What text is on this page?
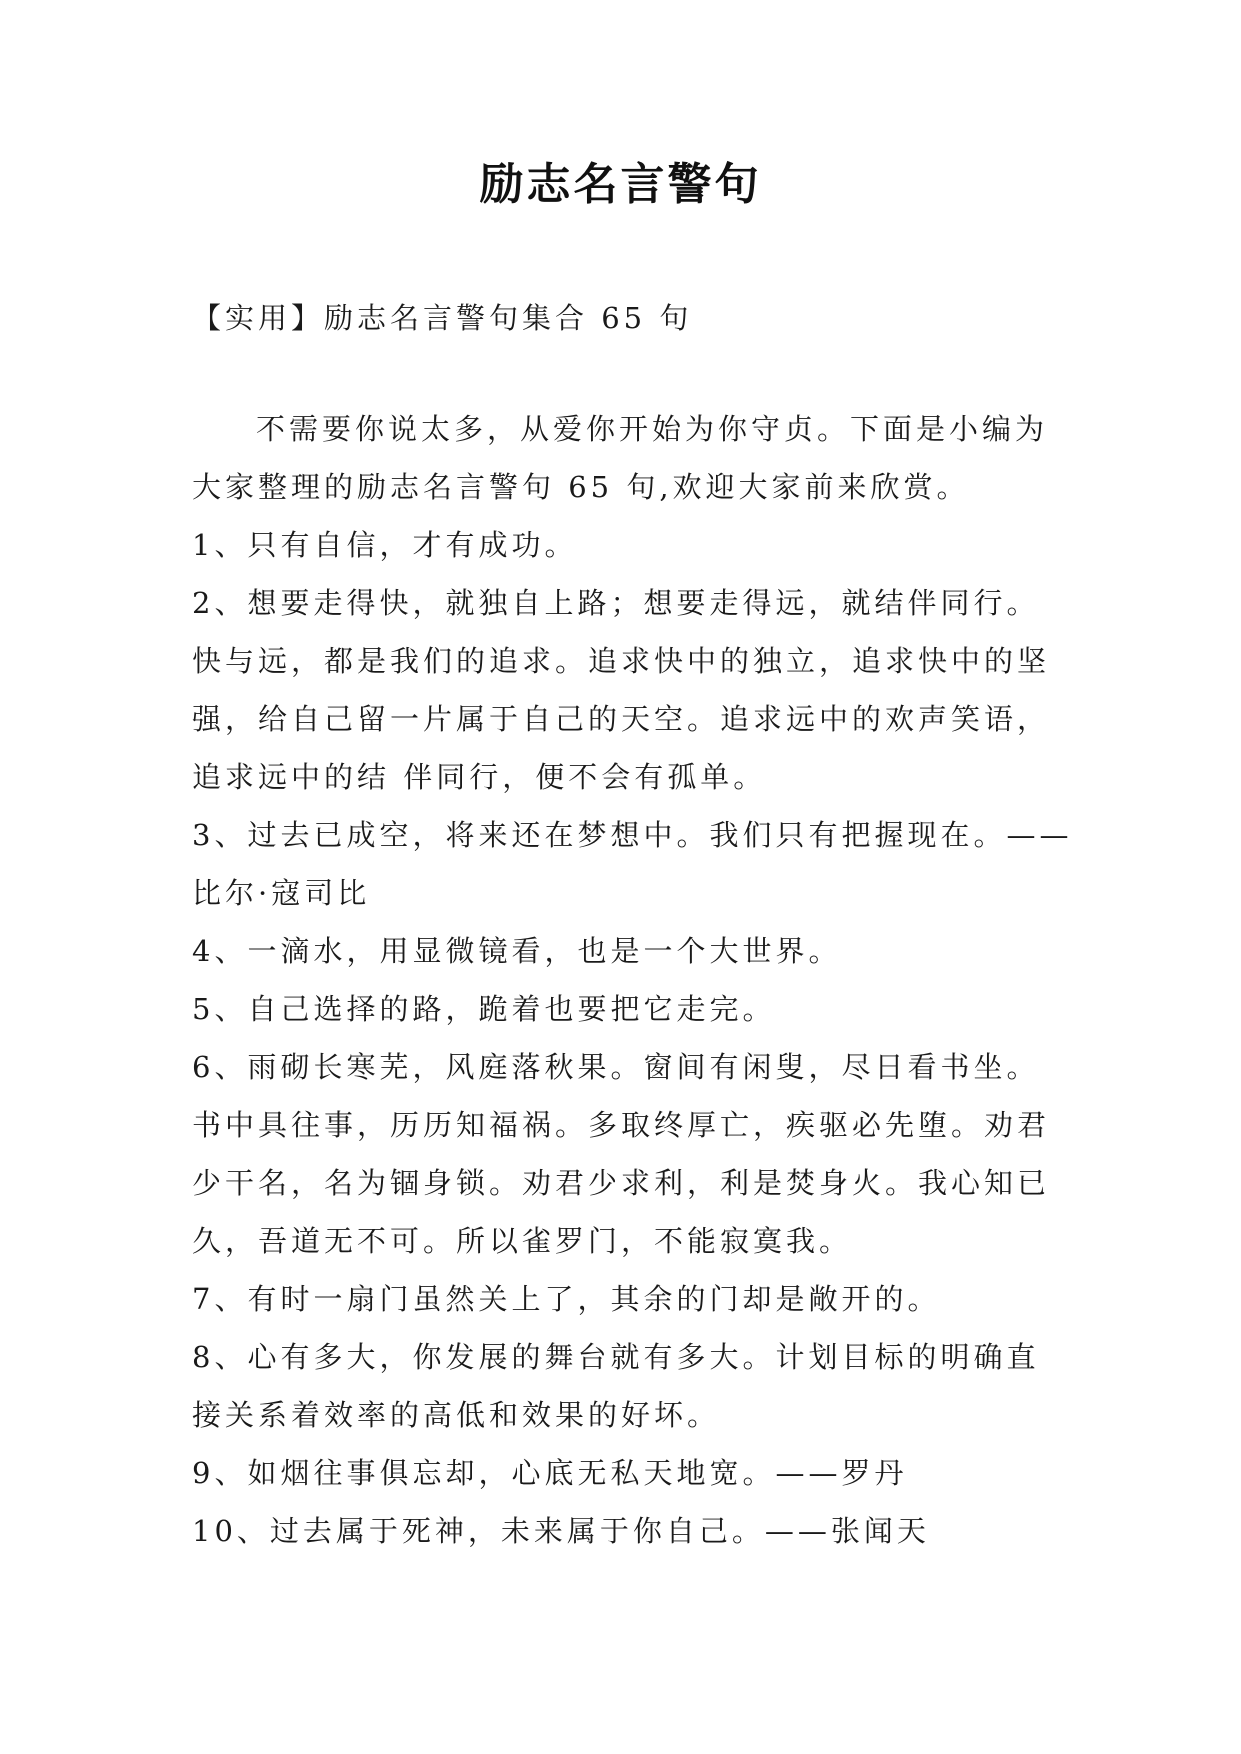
励志名言警句
【实用】励志名言警句集合 65 句
不需要你说太多，从爱你开始为你守贞。下面是小编为
大家整理的励志名言警句 65 句,欢迎大家前来欣赏。
1、只有自信，才有成功。
2、想要走得快，就独自上路；想要走得远，就结伴同行。
快与远，都是我们的追求。追求快中的独立，追求快中的坚
强，给自己留一片属于自己的天空。追求远中的欢声笑语，
追求远中的结 伴同行，便不会有孤单。
3、过去已成空，将来还在梦想中。我们只有把握现在。——
比尔·寇司比
4、一滴水，用显微镜看，也是一个大世界。
5、自己选择的路，跪着也要把它走完。
6、雨砌长寒芜，风庭落秋果。窗间有闲叟，尽日看书坐。
书中具往事，历历知福祸。多取终厚亡，疾驱必先堕。劝君
少干名，名为锢身锁。劝君少求利，利是焚身火。我心知已
久，吾道无不可。所以雀罗门，不能寂寞我。
7、有时一扇门虽然关上了，其余的门却是敞开的。
8、心有多大，你发展的舞台就有多大。计划目标的明确直
接关系着效率的高低和效果的好坏。
9、如烟往事俱忘却，心底无私天地宽。——罗丹
10、过去属于死神，未来属于你自己。——张闻天
